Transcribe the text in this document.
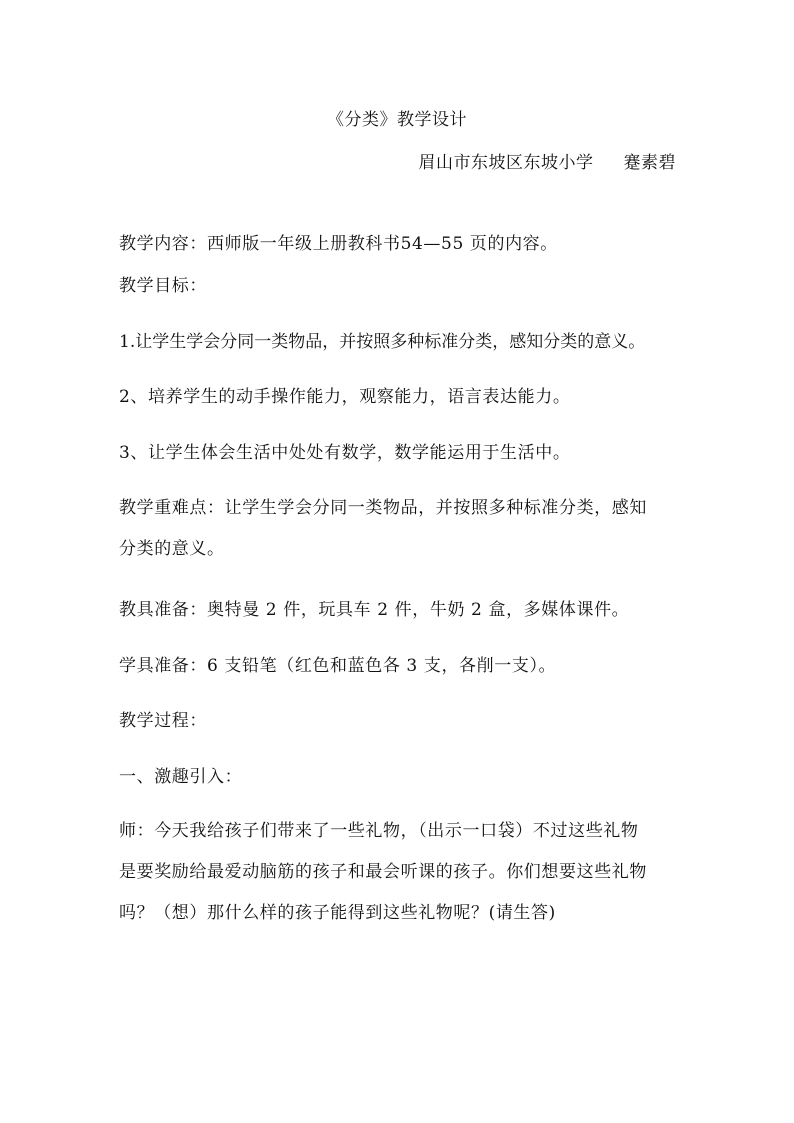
《分类》教学设计
眉山市东坡区东坡小学 蹇素碧
教学内容：西师版一年级上册教科书54—55 页的内容。
教学目标：
1.让学生学会分同一类物品，并按照多种标准分类，感知分类的意义。
2、培养学生的动手操作能力，观察能力，语言表达能力。
3、让学生体会生活中处处有数学，数学能运用于生活中。
教学重难点：让学生学会分同一类物品，并按照多种标准分类，感知
分类的意义。
教具准备：奥特曼 2 件，玩具车 2 件，牛奶 2 盒，多媒体课件。
学具准备：6 支铅笔（红色和蓝色各 3 支，各削一支）。
教学过程：
一、激趣引入：
师：今天我给孩子们带来了一些礼物，（出示一口袋）不过这些礼物
是要奖励给最爱动脑筋的孩子和最会听课的孩子。你们想要这些礼物
吗？（想）那什么样的孩子能得到这些礼物呢？(请生答)
